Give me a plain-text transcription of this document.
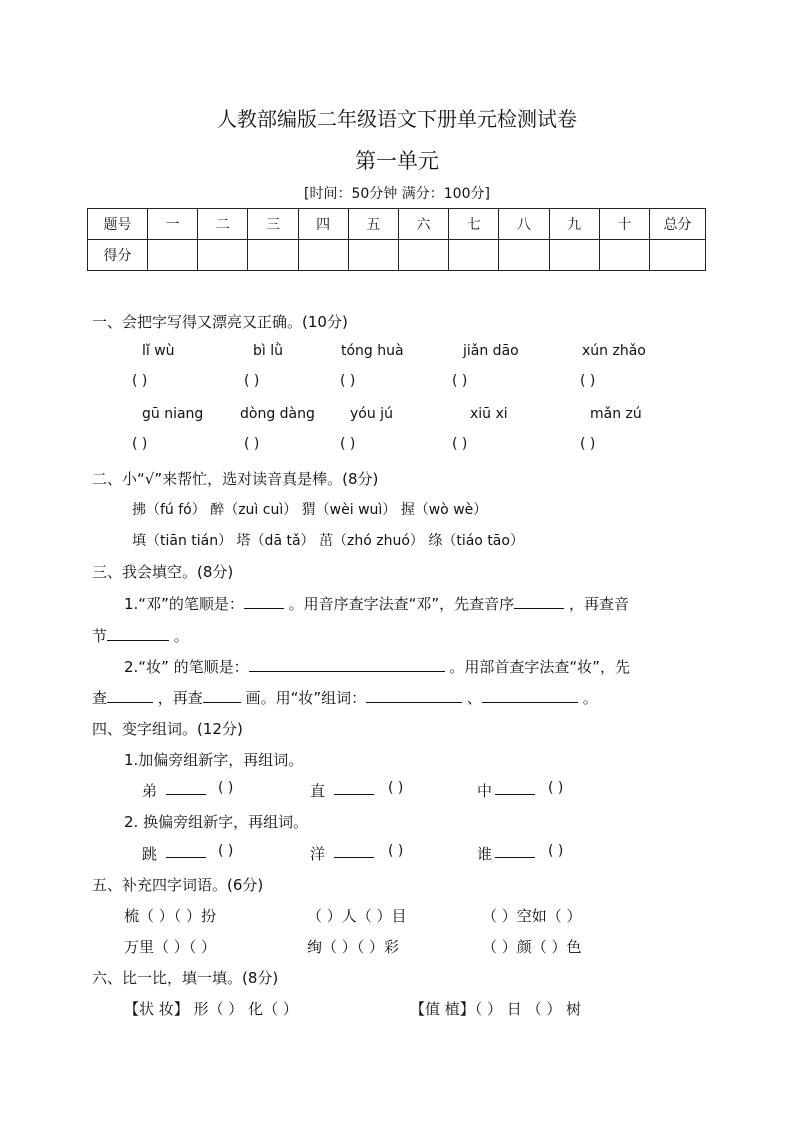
人教部编版二年级语文下册单元检测试卷
第一单元
[时间：50分钟 满分：100分]
题号	一	二	三	四	五	六	七	八	九	十	总分
得分											
一、会把字写得又漂亮又正确。(10分)
lǐ wù	bì lǜ	tóng huà	jiǎn dāo	xún zhǎo
( )	( )	( )	( )	( )
gū niang	dòng dàng	yóu jú	xiū xi	mǎn zú
( )	( )	( )	( )	( )
二、小“√”来帮忙，选对读音真是棒。(8分)
拂（fú fó） 醉（zuì cuì） 猬（wèi wuì） 握（wò wè）
填（tiān tián） 塔（dā tǎ） 茁（zhó zhuó） 绦（tiáo tāo）
三、我会填空。(8分)
1.“邓”的笔顺是：	。用音序查字法查“邓”，先查音序	，再查音
节	。
2.“妆” 的笔顺是：	。用部首查字法查“妆”，先
查	，再查	画。用“妆”组词：	、	。
四、变字组词。(12分)
1.加偏旁组新字，再组词。
弟	( )	直	( )	中	( )
2. 换偏旁组新字，再组词。
跳	( )	洋	( )	谁	( )
五、补充四字词语。(6分)
梳（ ）（ ）扮	（ ）人（ ）目	（ ）空如（ ）
万里（ ）（ ）	绚（ ）（ ）彩	（ ）颜（ ）色
六、比一比，填一填。(8分)
【状 妆】 形（ ） 化（ ）	【值 植】（ ） 日 （ ） 树
